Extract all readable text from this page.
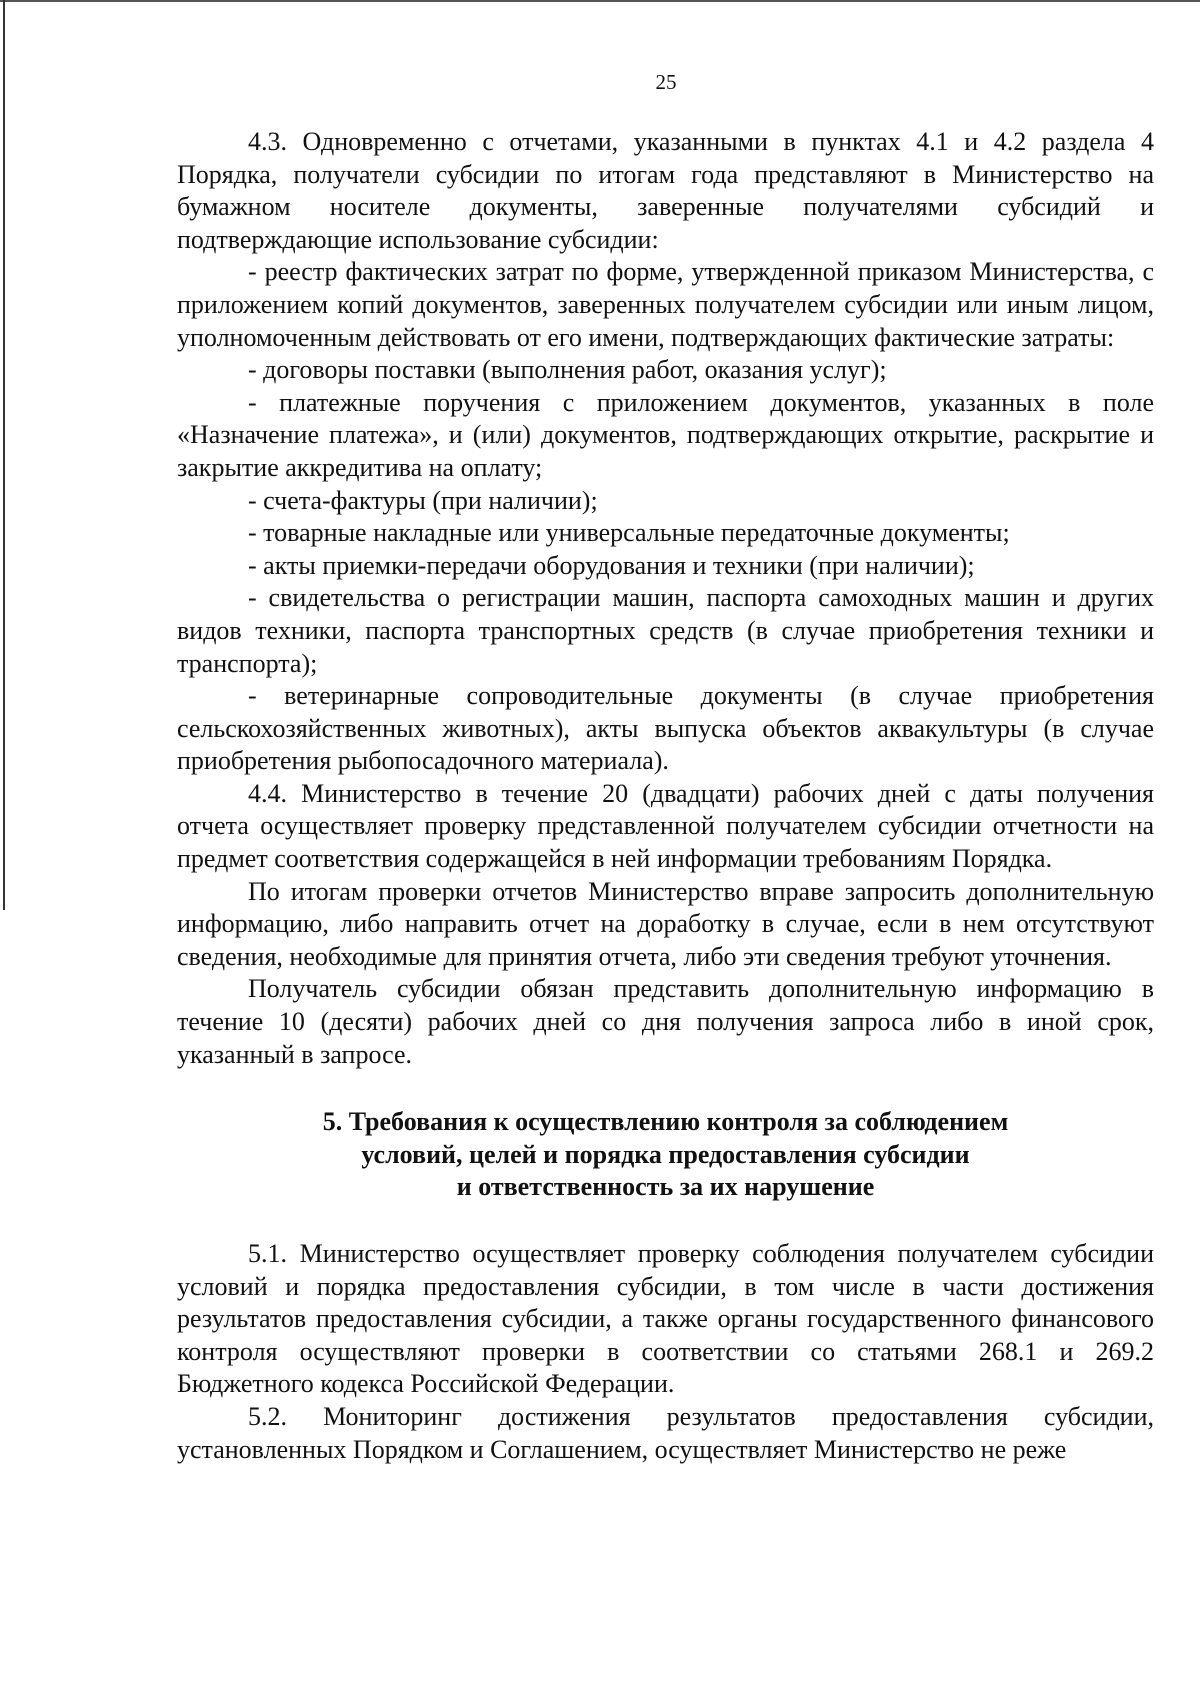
25

4.3. Одновременно с отчетами, указанными в пунктах 4.1 и 4.2 раздела 4 Порядка, получатели субсидии по итогам года представляют в Министерство на бумажном носителе документы, заверенные получателями субсидий и подтверждающие использование субсидии:

- реестр фактических затрат по форме, утвержденной приказом Министерства, с приложением копий документов, заверенных получателем субсидии или иным лицом, уполномоченным действовать от его имени, подтверждающих фактические затраты:

- договоры поставки (выполнения работ, оказания услуг);

- платежные поручения с приложением документов, указанных в поле «Назначение платежа», и (или) документов, подтверждающих открытие, раскрытие и закрытие аккредитива на оплату;

- счета-фактуры (при наличии);

- товарные накладные или универсальные передаточные документы;

- акты приемки-передачи оборудования и техники (при наличии);

- свидетельства о регистрации машин, паспорта самоходных машин и других видов техники, паспорта транспортных средств (в случае приобретения техники и транспорта);

- ветеринарные сопроводительные документы (в случае приобретения сельскохозяйственных животных), акты выпуска объектов аквакультуры (в случае приобретения рыбопосадочного материала).

4.4. Министерство в течение 20 (двадцати) рабочих дней с даты получения отчета осуществляет проверку представленной получателем субсидии отчетности на предмет соответствия содержащейся в ней информации требованиям Порядка.

По итогам проверки отчетов Министерство вправе запросить дополнительную информацию, либо направить отчет на доработку в случае, если в нем отсутствуют сведения, необходимые для принятия отчета, либо эти сведения требуют уточнения.

Получатель субсидии обязан представить дополнительную информацию в течение 10 (десяти) рабочих дней со дня получения запроса либо в иной срок, указанный в запросе.

5. Требования к осуществлению контроля за соблюдением
условий, целей и порядка предоставления субсидии
и ответственность за их нарушение

5.1. Министерство осуществляет проверку соблюдения получателем субсидии условий и порядка предоставления субсидии, в том числе в части достижения результатов предоставления субсидии, а также органы государственного финансового контроля осуществляют проверки в соответствии со статьями 268.1 и 269.2 Бюджетного кодекса Российской Федерации.

5.2. Мониторинг достижения результатов предоставления субсидии, установленных Порядком и Соглашением, осуществляет Министерство не реже
